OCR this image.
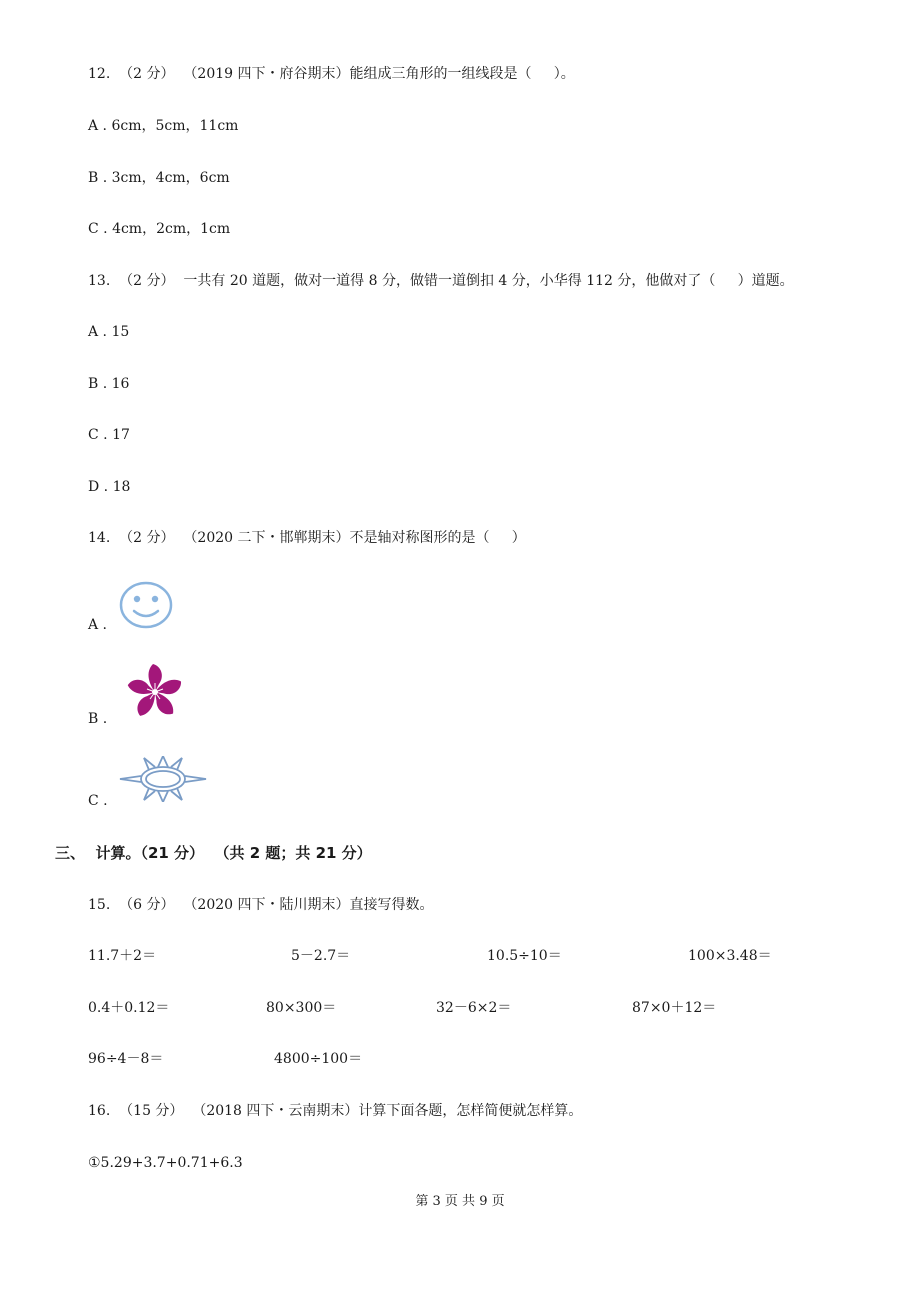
12.  （2 分）  （2019 四下・府谷期末）能组成三角形的一组线段是（     ）。
A . 6cm，5cm，11cm
B . 3cm，4cm，6cm
C . 4cm，2cm，1cm
13.  （2 分）  一共有 20 道题，做对一道得 8 分，做错一道倒扣 4 分，小华得 112 分，他做对了（     ）道题。
A . 15
B . 16
C . 17
D . 18
14.  （2 分）  （2020 二下・邯郸期末）不是轴对称图形的是（     ）
A .
B .
C .
三、  计算。（21 分）  （共 2 题；共 21 分）
15.  （6 分）  （2020 四下・陆川期末）直接写得数。
11.7＋2＝	5－2.7＝	10.5÷10＝	100×3.48＝
0.4＋0.12＝	80×300＝	32－6×2＝	87×0＋12＝
96÷4－8＝	4800÷100＝
16.  （15 分）  （2018 四下・云南期末）计算下面各题，怎样简便就怎样算。
①5.29+3.7+0.71+6.3
第 3 页 共 9 页
